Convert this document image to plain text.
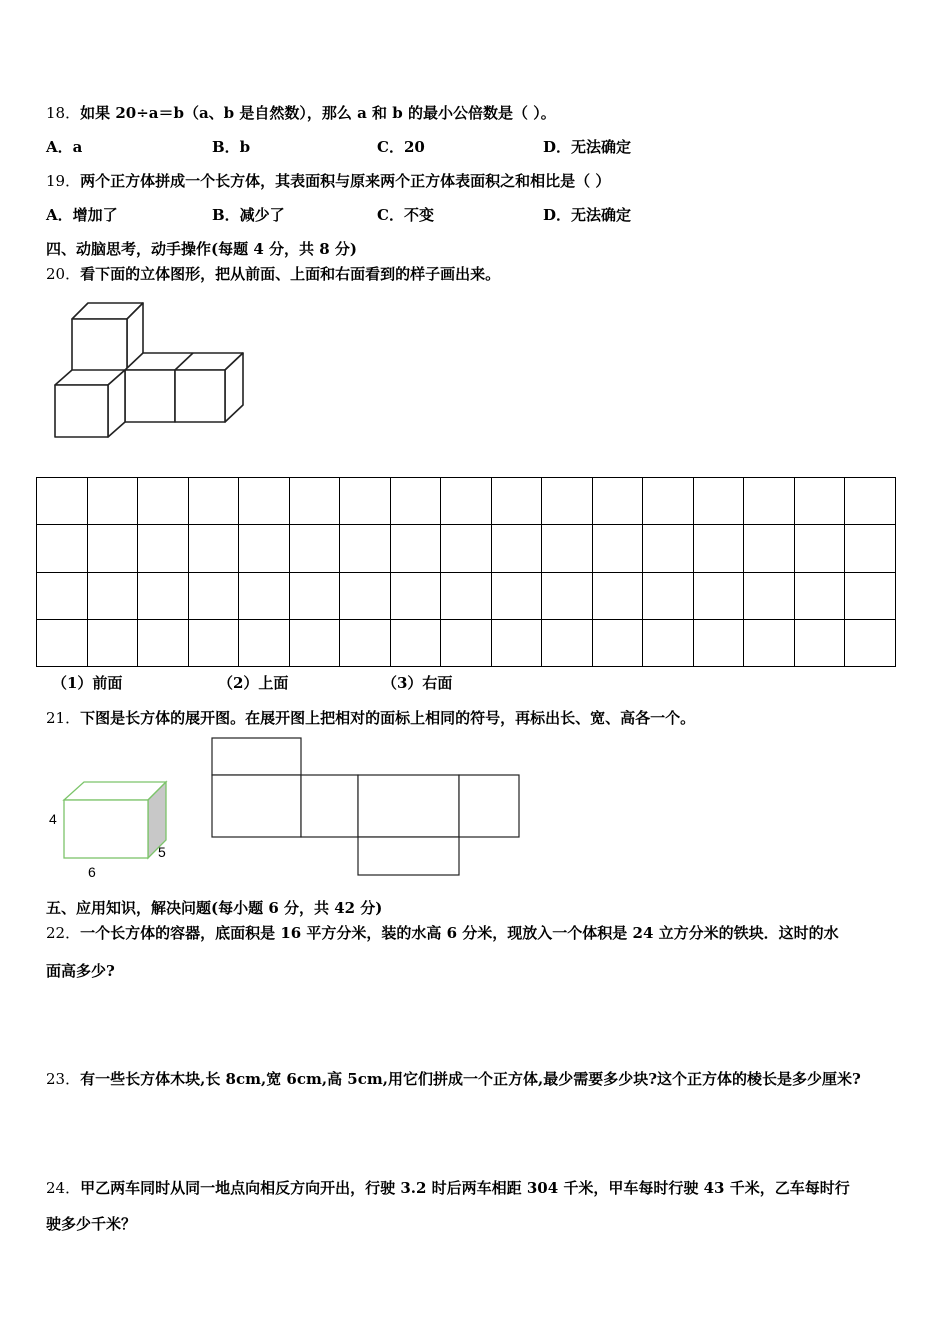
18．如果 20÷a＝b（a、b 是自然数），那么 a 和 b 的最小公倍数是（ ）。
A．a	B．b	C．20	D．无法确定
19．两个正方体拼成一个长方体，其表面积与原来两个正方体表面积之和相比是（ ）
A．增加了	B．减少了	C．不变	D．无法确定
四、动脑思考，动手操作(每题 4 分，共 8 分)
20．看下面的立体图形，把从前面、上面和右面看到的样子画出来。

（1）前面	（2）上面	（3）右面
21．下图是长方体的展开图。在展开图上把相对的面标上相同的符号，再标出长、宽、高各一个。
4
5
6
五、应用知识，解决问题(每小题 6 分，共 42 分)
22．一个长方体的容器，底面积是 16 平方分米，装的水高 6 分米，现放入一个体积是 24 立方分米的铁块．这时的水
面高多少?
23．有一些长方体木块,长 8cm,宽 6cm,高 5cm,用它们拼成一个正方体,最少需要多少块?这个正方体的棱长是多少厘米?
24．甲乙两车同时从同一地点向相反方向开出，行驶 3.2 时后两车相距 304 千米，甲车每时行驶 43 千米，乙车每时行
驶多少千米？
